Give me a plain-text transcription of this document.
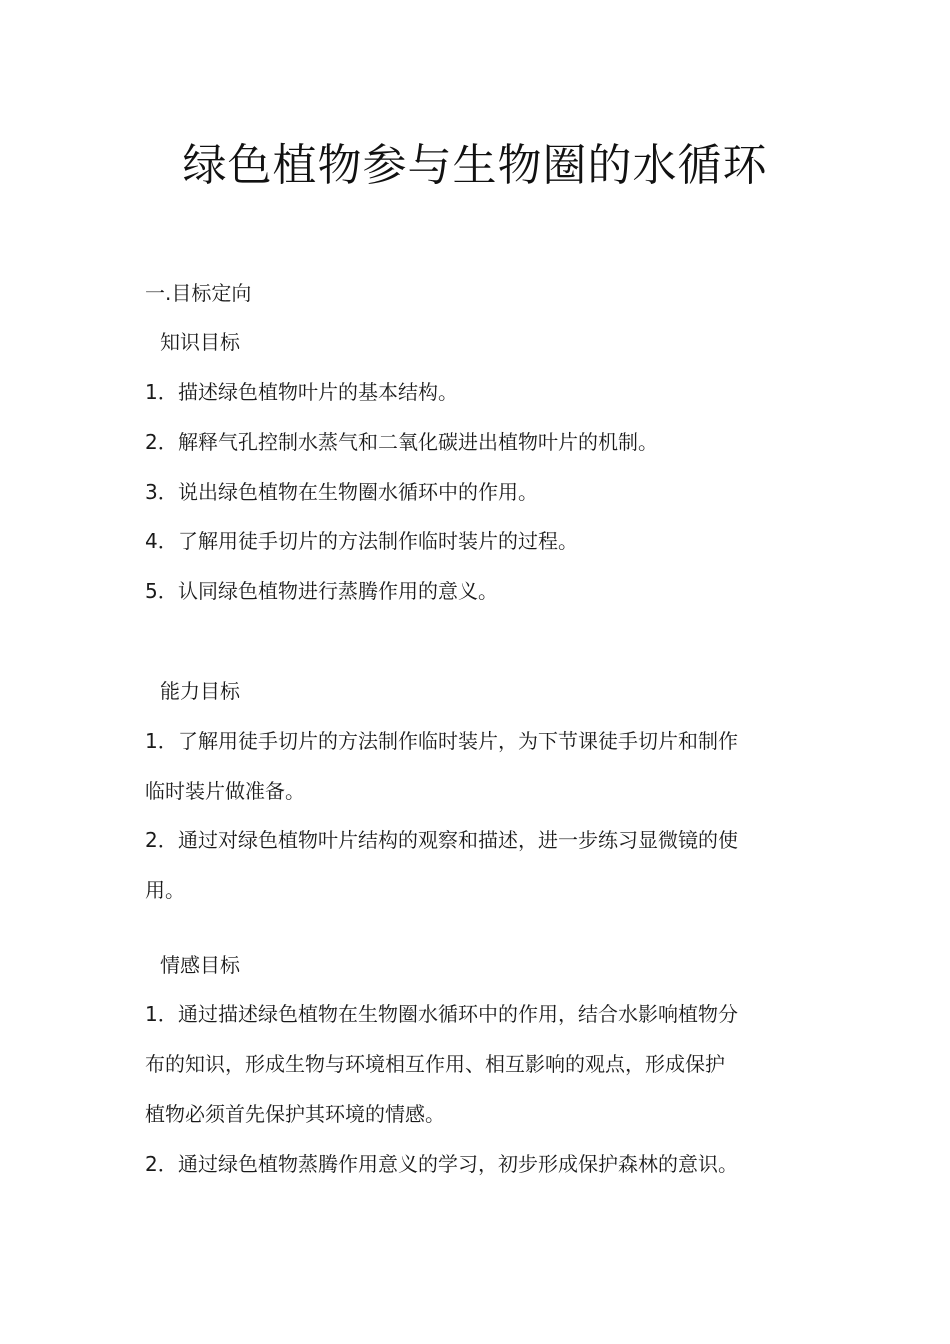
绿色植物参与生物圈的水循环
一.目标定向
知识目标
1．描述绿色植物叶片的基本结构。
2．解释气孔控制水蒸气和二氧化碳进出植物叶片的机制。
3．说出绿色植物在生物圈水循环中的作用。
4．了解用徒手切片的方法制作临时装片的过程。
5．认同绿色植物进行蒸腾作用的意义。
能力目标
1．了解用徒手切片的方法制作临时装片，为下节课徒手切片和制作
临时装片做准备。
2．通过对绿色植物叶片结构的观察和描述，进一步练习显微镜的使
用。
情感目标
1．通过描述绿色植物在生物圈水循环中的作用，结合水影响植物分
布的知识，形成生物与环境相互作用、相互影响的观点，形成保护
植物必须首先保护其环境的情感。
2．通过绿色植物蒸腾作用意义的学习，初步形成保护森林的意识。
